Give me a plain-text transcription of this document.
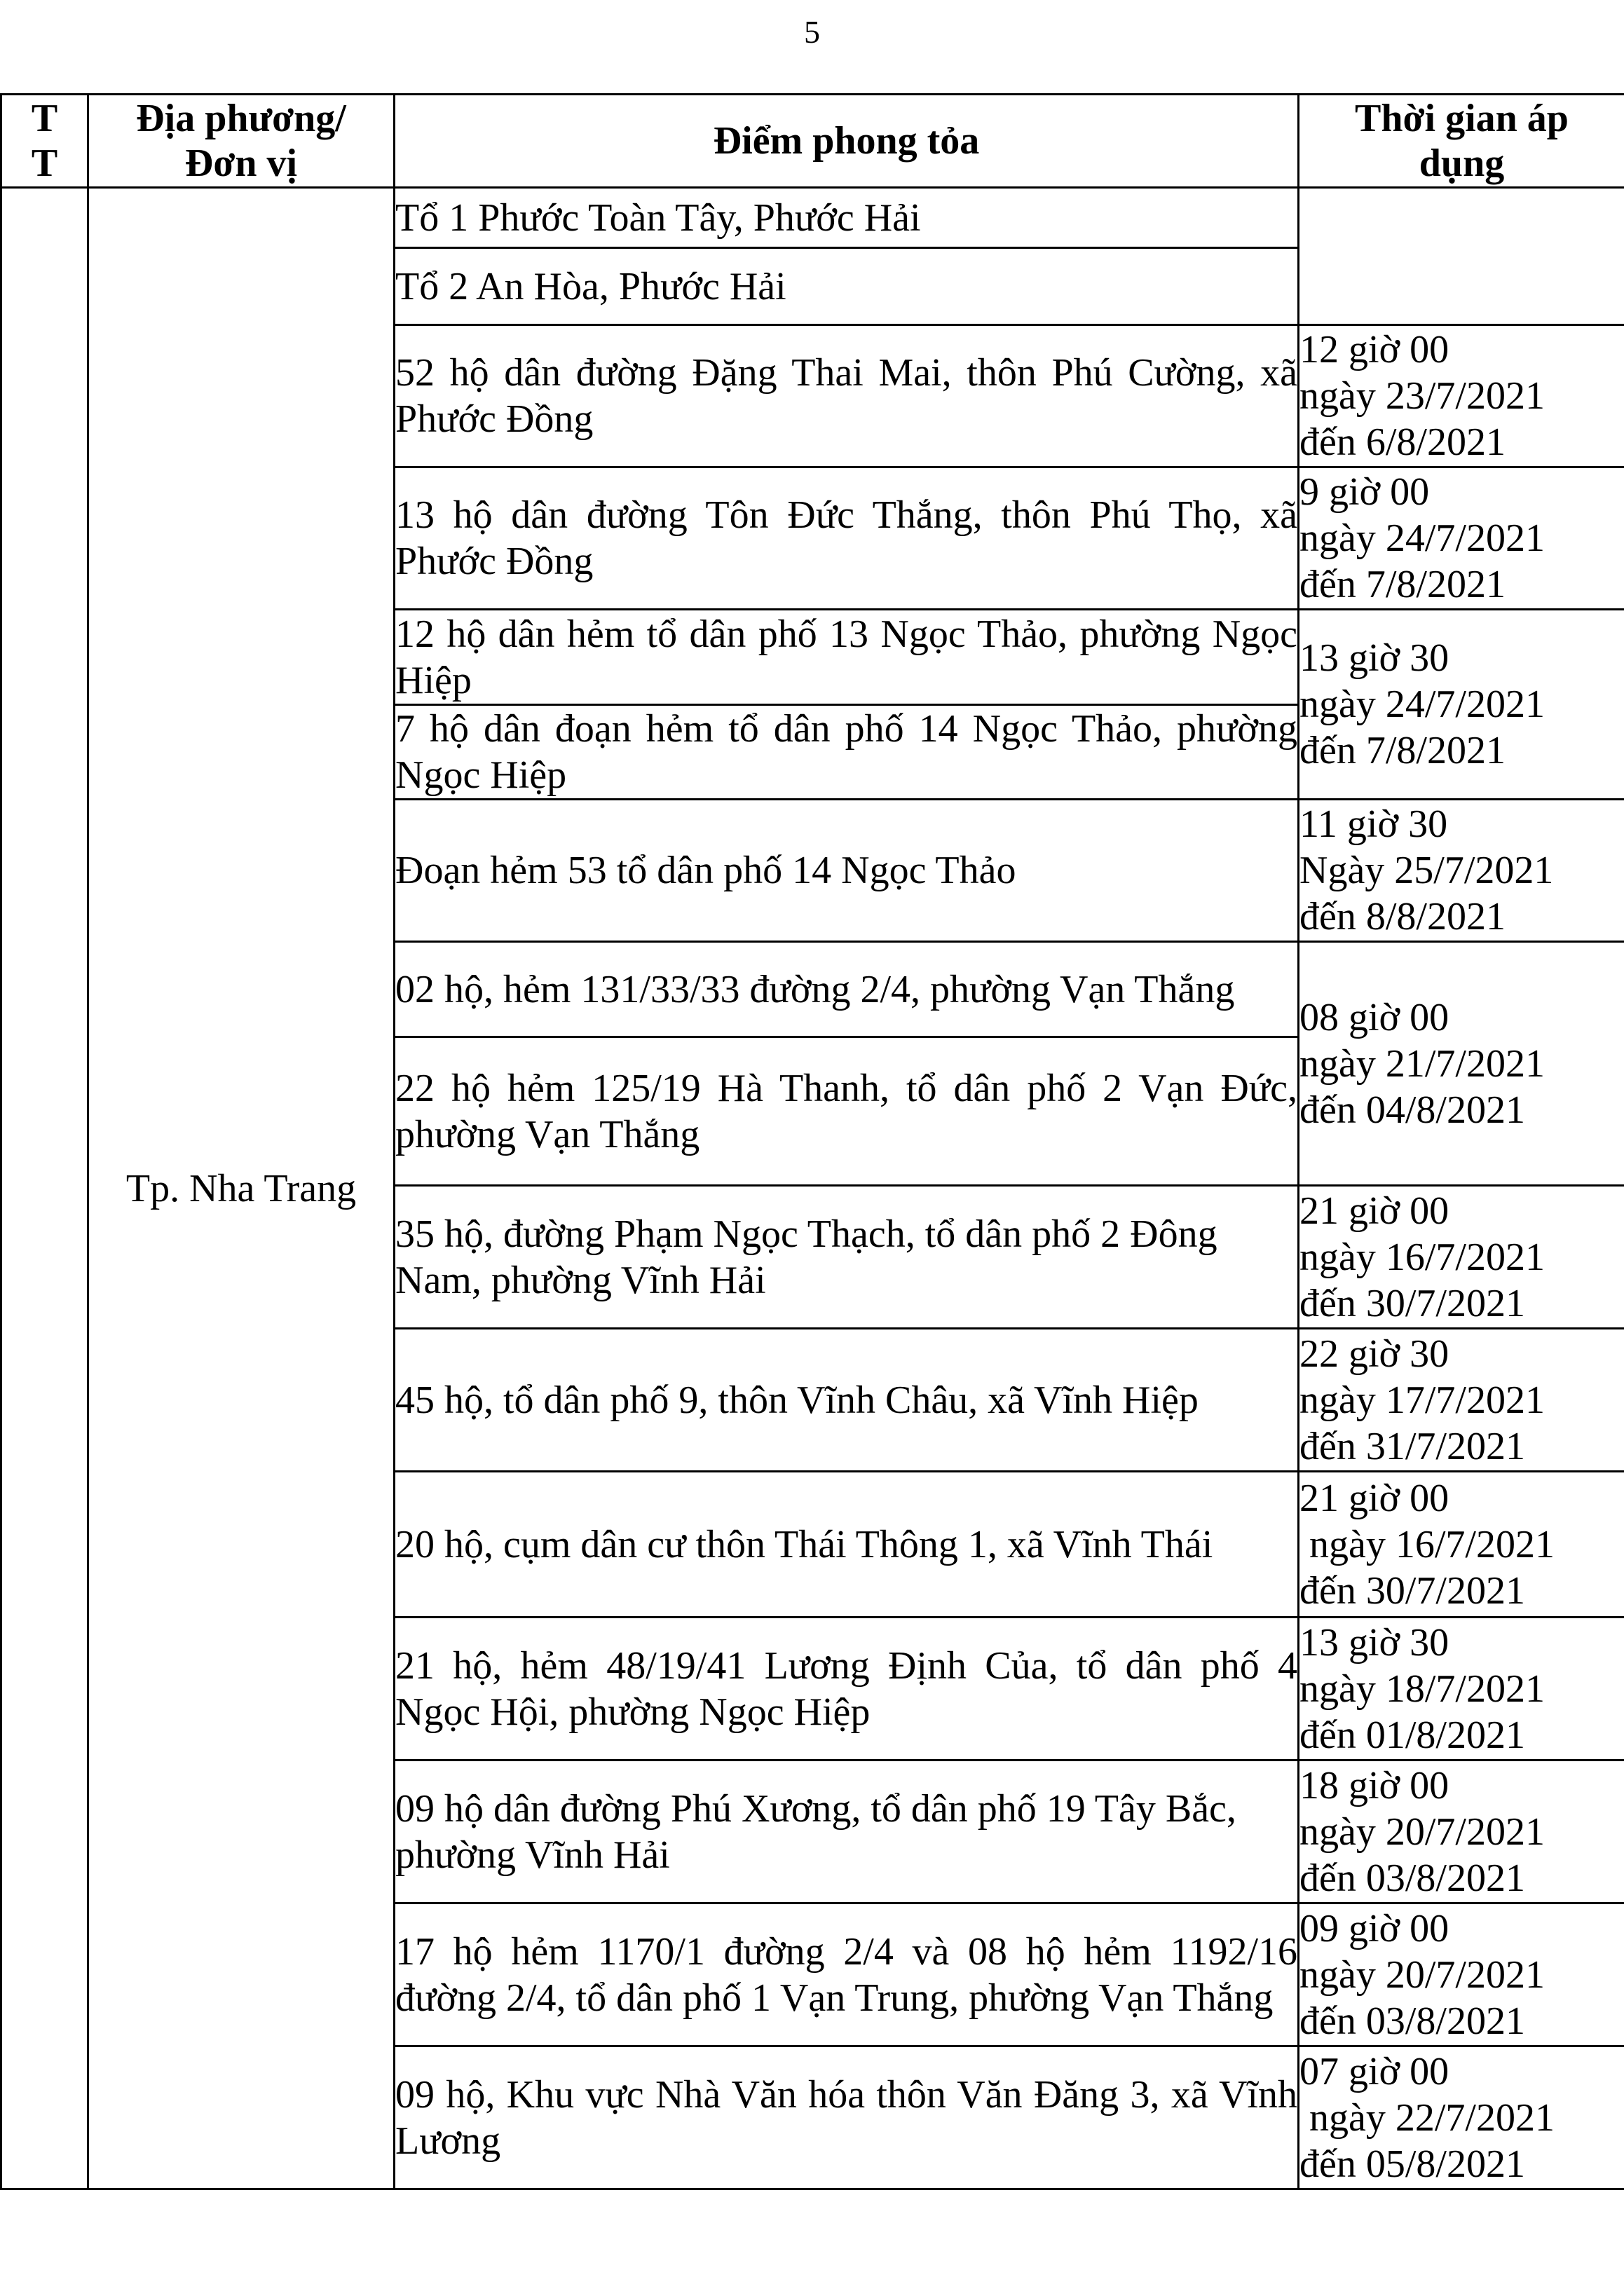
5
T T	Địa phương/ Đơn vị	Điểm phong tỏa	Thời gian áp dụng
	Tp. Nha Trang	Tổ 1 Phước Toàn Tây, Phước Hải	
		Tổ 2 An Hòa, Phước Hải	
		52 hộ dân đường Đặng Thai Mai, thôn Phú Cường, xã Phước Đồng	12 giờ 00
ngày 23/7/2021
đến 6/8/2021

		13 hộ dân đường Tôn Đức Thắng, thôn Phú Thọ, xã Phước Đồng	9 giờ 00
ngày 24/7/2021
đến 7/8/2021

		12 hộ dân hẻm tổ dân phố 13 Ngọc Thảo, phường Ngọc Hiệp	13 giờ 30
ngày 24/7/2021
đến 7/8/2021

		7 hộ dân đoạn hẻm tổ dân phố 14 Ngọc Thảo, phường Ngọc Hiệp	
		Đoạn hẻm 53 tổ dân phố 14 Ngọc Thảo	11 giờ 30
Ngày 25/7/2021
đến 8/8/2021

		02 hộ, hẻm 131/33/33 đường 2/4, phường Vạn Thắng	08 giờ 00
ngày 21/7/2021
đến 04/8/2021

		22 hộ hẻm 125/19 Hà Thanh, tổ dân phố 2 Vạn Đức, phường Vạn Thắng	
		35 hộ, đường Phạm Ngọc Thạch, tổ dân phố 2 Đông Nam, phường Vĩnh Hải	21 giờ 00
ngày 16/7/2021
đến 30/7/2021

		45 hộ, tổ dân phố 9, thôn Vĩnh Châu, xã Vĩnh Hiệp	22 giờ 30
ngày 17/7/2021
đến 31/7/2021

		20 hộ, cụm dân cư thôn Thái Thông 1, xã Vĩnh Thái	21 giờ 00
ngày 16/7/2021
đến 30/7/2021

		21 hộ, hẻm 48/19/41 Lương Định Của, tổ dân phố 4 Ngọc Hội, phường Ngọc Hiệp	13 giờ 30
ngày 18/7/2021
đến 01/8/2021

		09 hộ dân đường Phú Xương, tổ dân phố 19 Tây Bắc, phường Vĩnh Hải	18 giờ 00
ngày 20/7/2021
đến 03/8/2021

		17 hộ hẻm 1170/1 đường 2/4 và 08 hộ hẻm 1192/16 đường 2/4, tổ dân phố 1 Vạn Trung, phường Vạn Thắng	09 giờ 00
ngày 20/7/2021
đến 03/8/2021

		09 hộ, Khu vực Nhà Văn hóa thôn Văn Đăng 3, xã Vĩnh Lương	07 giờ 00
ngày 22/7/2021
đến 05/8/2021
